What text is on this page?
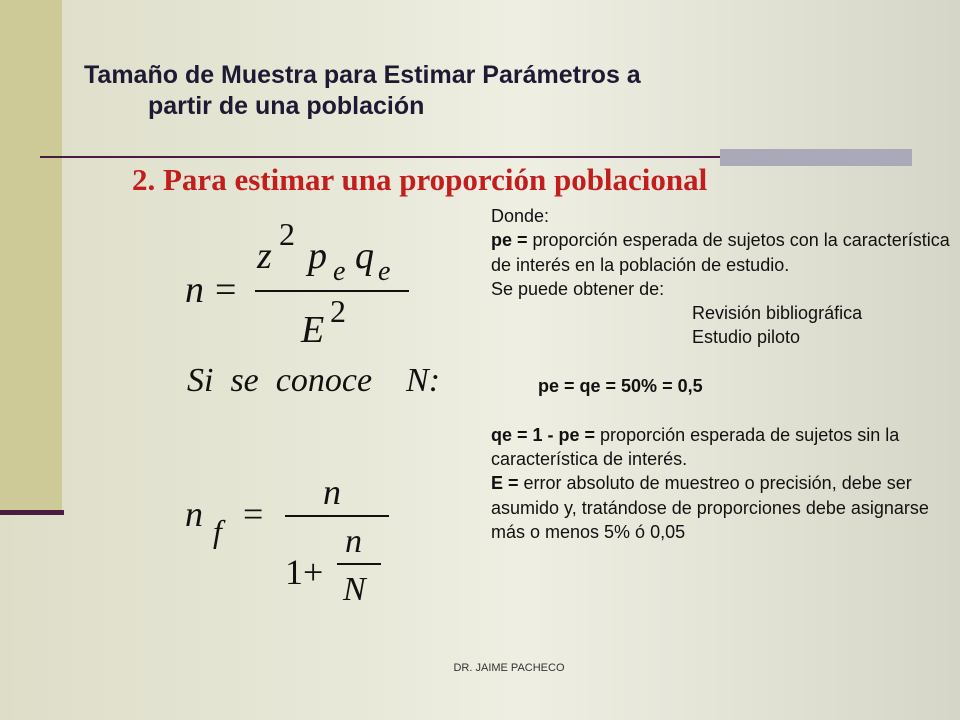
Tamaño de Muestra para Estimar Parámetros a
partir de una población
2. Para estimar una proporción poblacional
n =
z
2
p e q e
E 2
Si  se  conoce    N:
n f =
n
1+
n
N

Donde:

pe = proporción esperada de sujetos con la característica de interés en la población de estudio.

Se puede obtener de:

Revisión bibliográfica

Estudio piloto

pe = qe = 50% = 0,5

qe = 1 - pe = proporción esperada de sujetos sin la característica de interés.

E = error absoluto de muestreo o precisión, debe ser asumido y, tratándose de proporciones debe asignarse más o menos 5% ó 0,05

DR. JAIME PACHECO
